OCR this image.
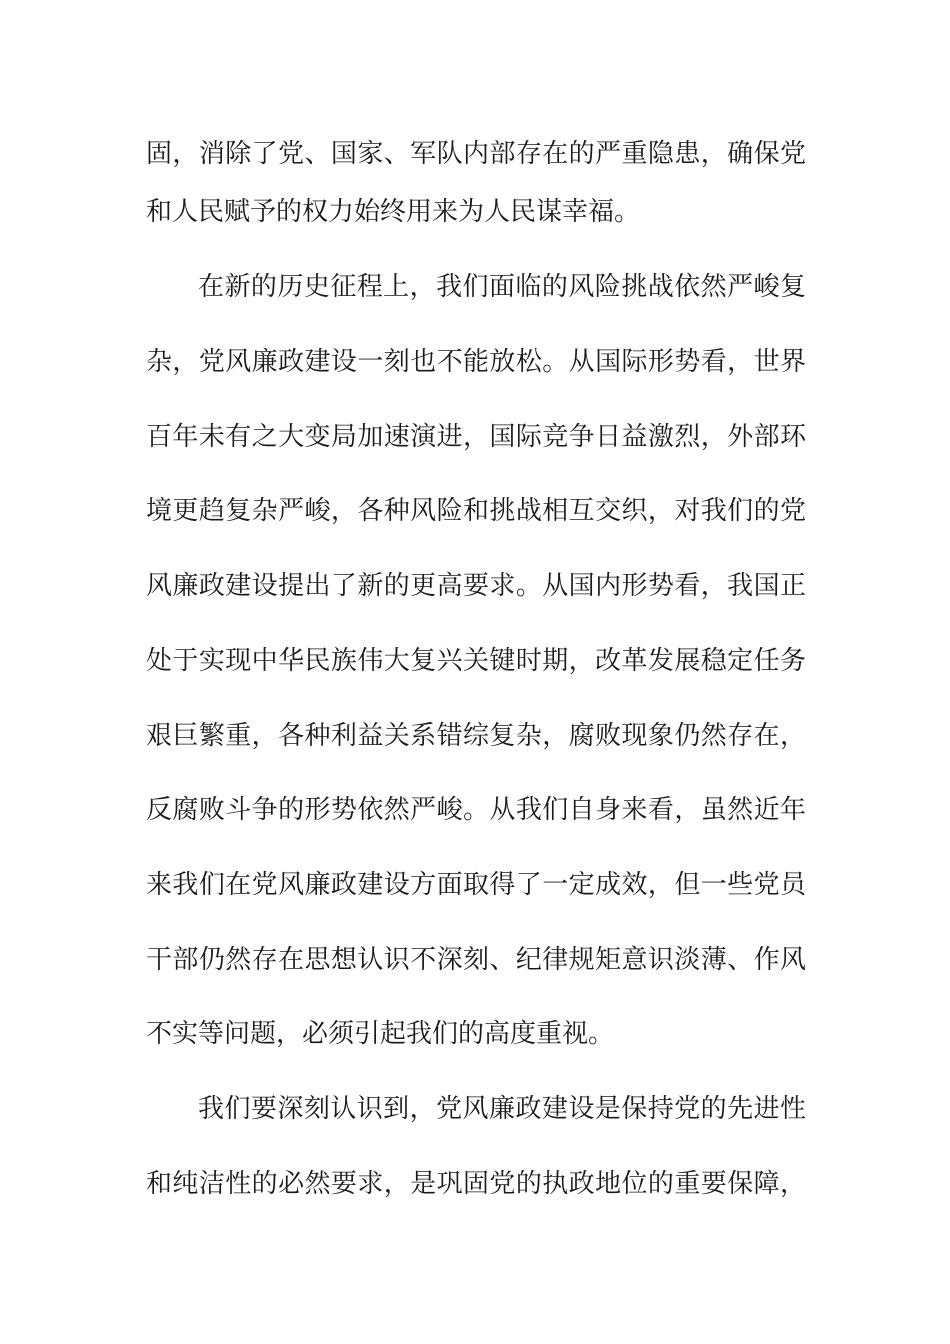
固，消除了党、国家、军队内部存在的严重隐患，确保党
和人民赋予的权力始终用来为人民谋幸福。
在新的历史征程上，我们面临的风险挑战依然严峻复
杂，党风廉政建设一刻也不能放松。从国际形势看，世界
百年未有之大变局加速演进，国际竞争日益激烈，外部环
境更趋复杂严峻，各种风险和挑战相互交织，对我们的党
风廉政建设提出了新的更高要求。从国内形势看，我国正
处于实现中华民族伟大复兴关键时期，改革发展稳定任务
艰巨繁重，各种利益关系错综复杂，腐败现象仍然存在，
反腐败斗争的形势依然严峻。从我们自身来看，虽然近年
来我们在党风廉政建设方面取得了一定成效，但一些党员
干部仍然存在思想认识不深刻、纪律规矩意识淡薄、作风
不实等问题，必须引起我们的高度重视。
我们要深刻认识到，党风廉政建设是保持党的先进性
和纯洁性的必然要求，是巩固党的执政地位的重要保障，
